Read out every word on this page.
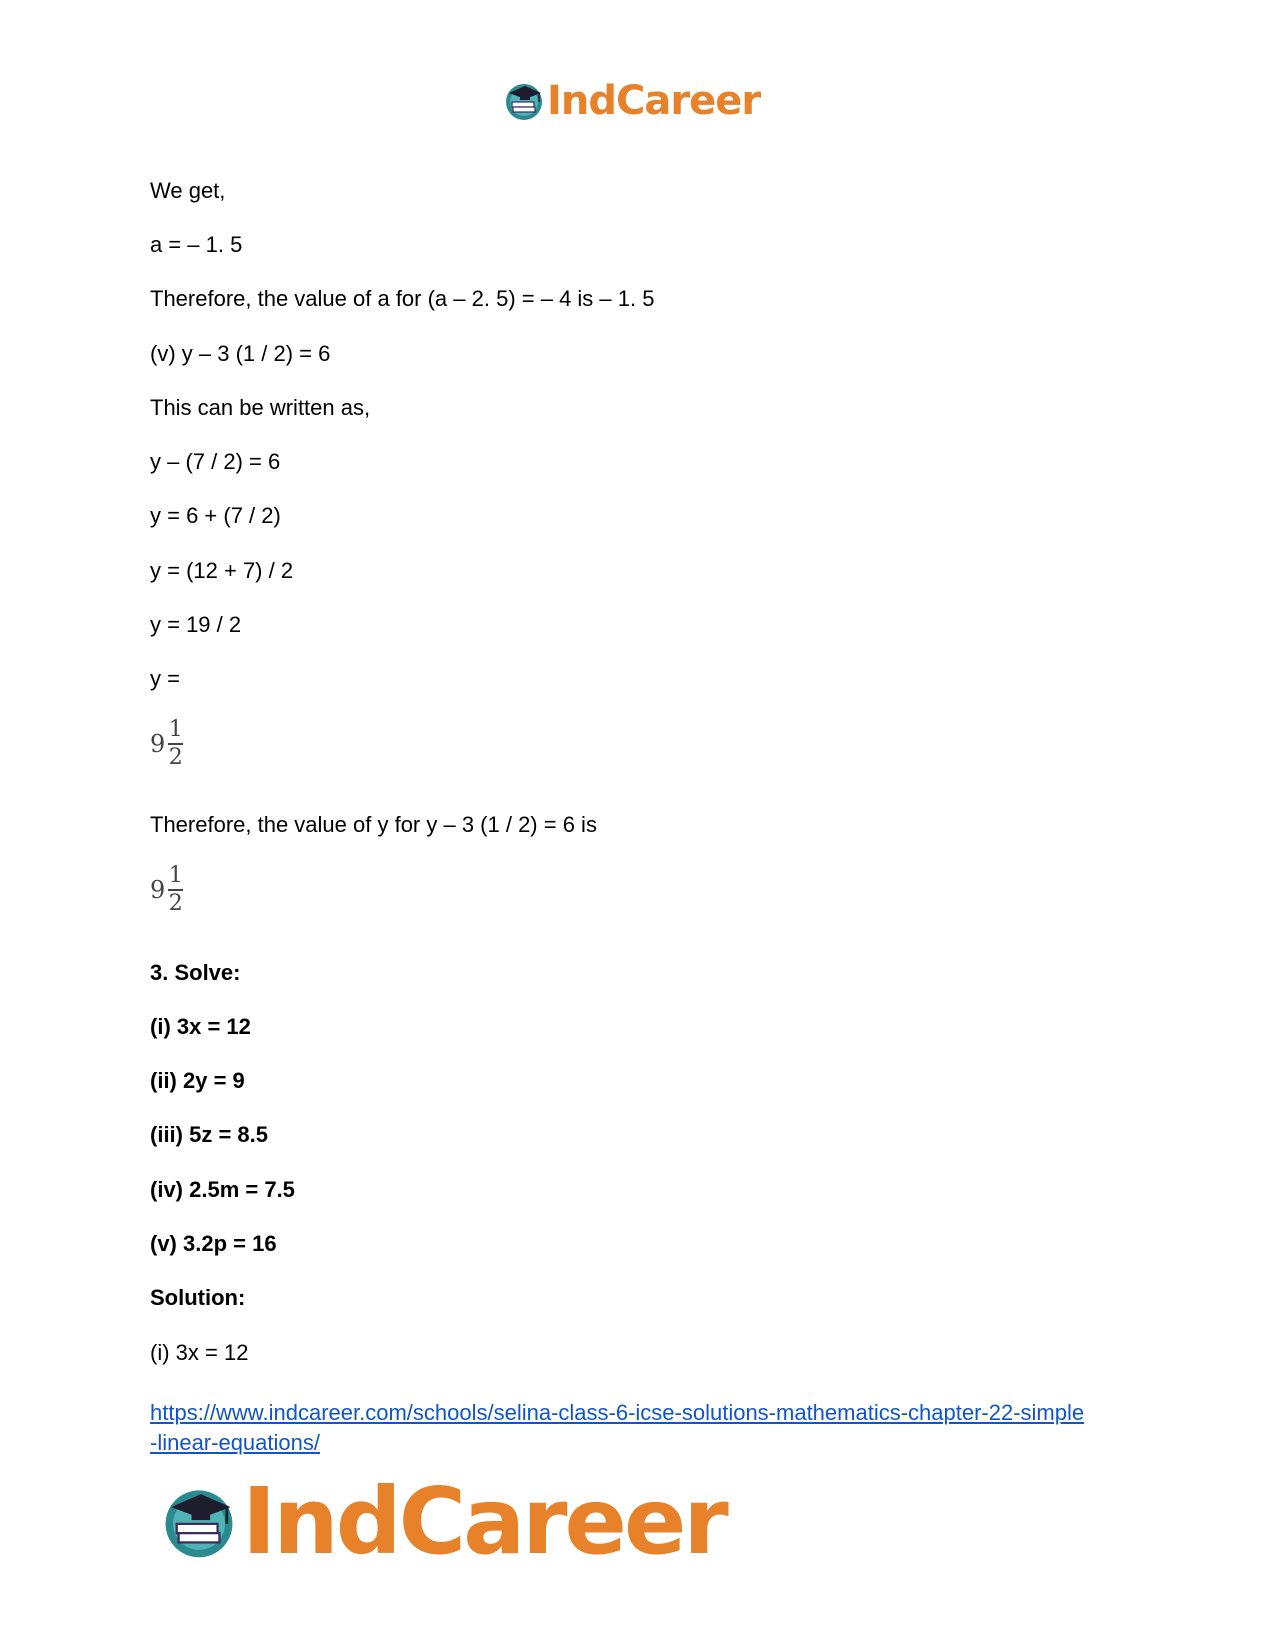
IndCareer
We get,
a = – 1. 5
Therefore, the value of a for (a – 2. 5) = – 4 is – 1. 5
(v) y – 3 (1 / 2) = 6
This can be written as,
y – (7 / 2) = 6
y = 6 + (7 / 2)
y = (12 + 7) / 2
y = 19 / 2
y =
9
1
2
Therefore, the value of y for y – 3 (1 / 2) = 6 is
9
1
2
3. Solve:
(i) 3x = 12
(ii) 2y = 9
(iii) 5z = 8.5
(iv) 2.5m = 7.5
(v) 3.2p = 16
Solution:
(i) 3x = 12
https://www.indcareer.com/schools/selina-class-6-icse-solutions-mathematics-chapter-22-simple
-linear-equations/
IndCareer
